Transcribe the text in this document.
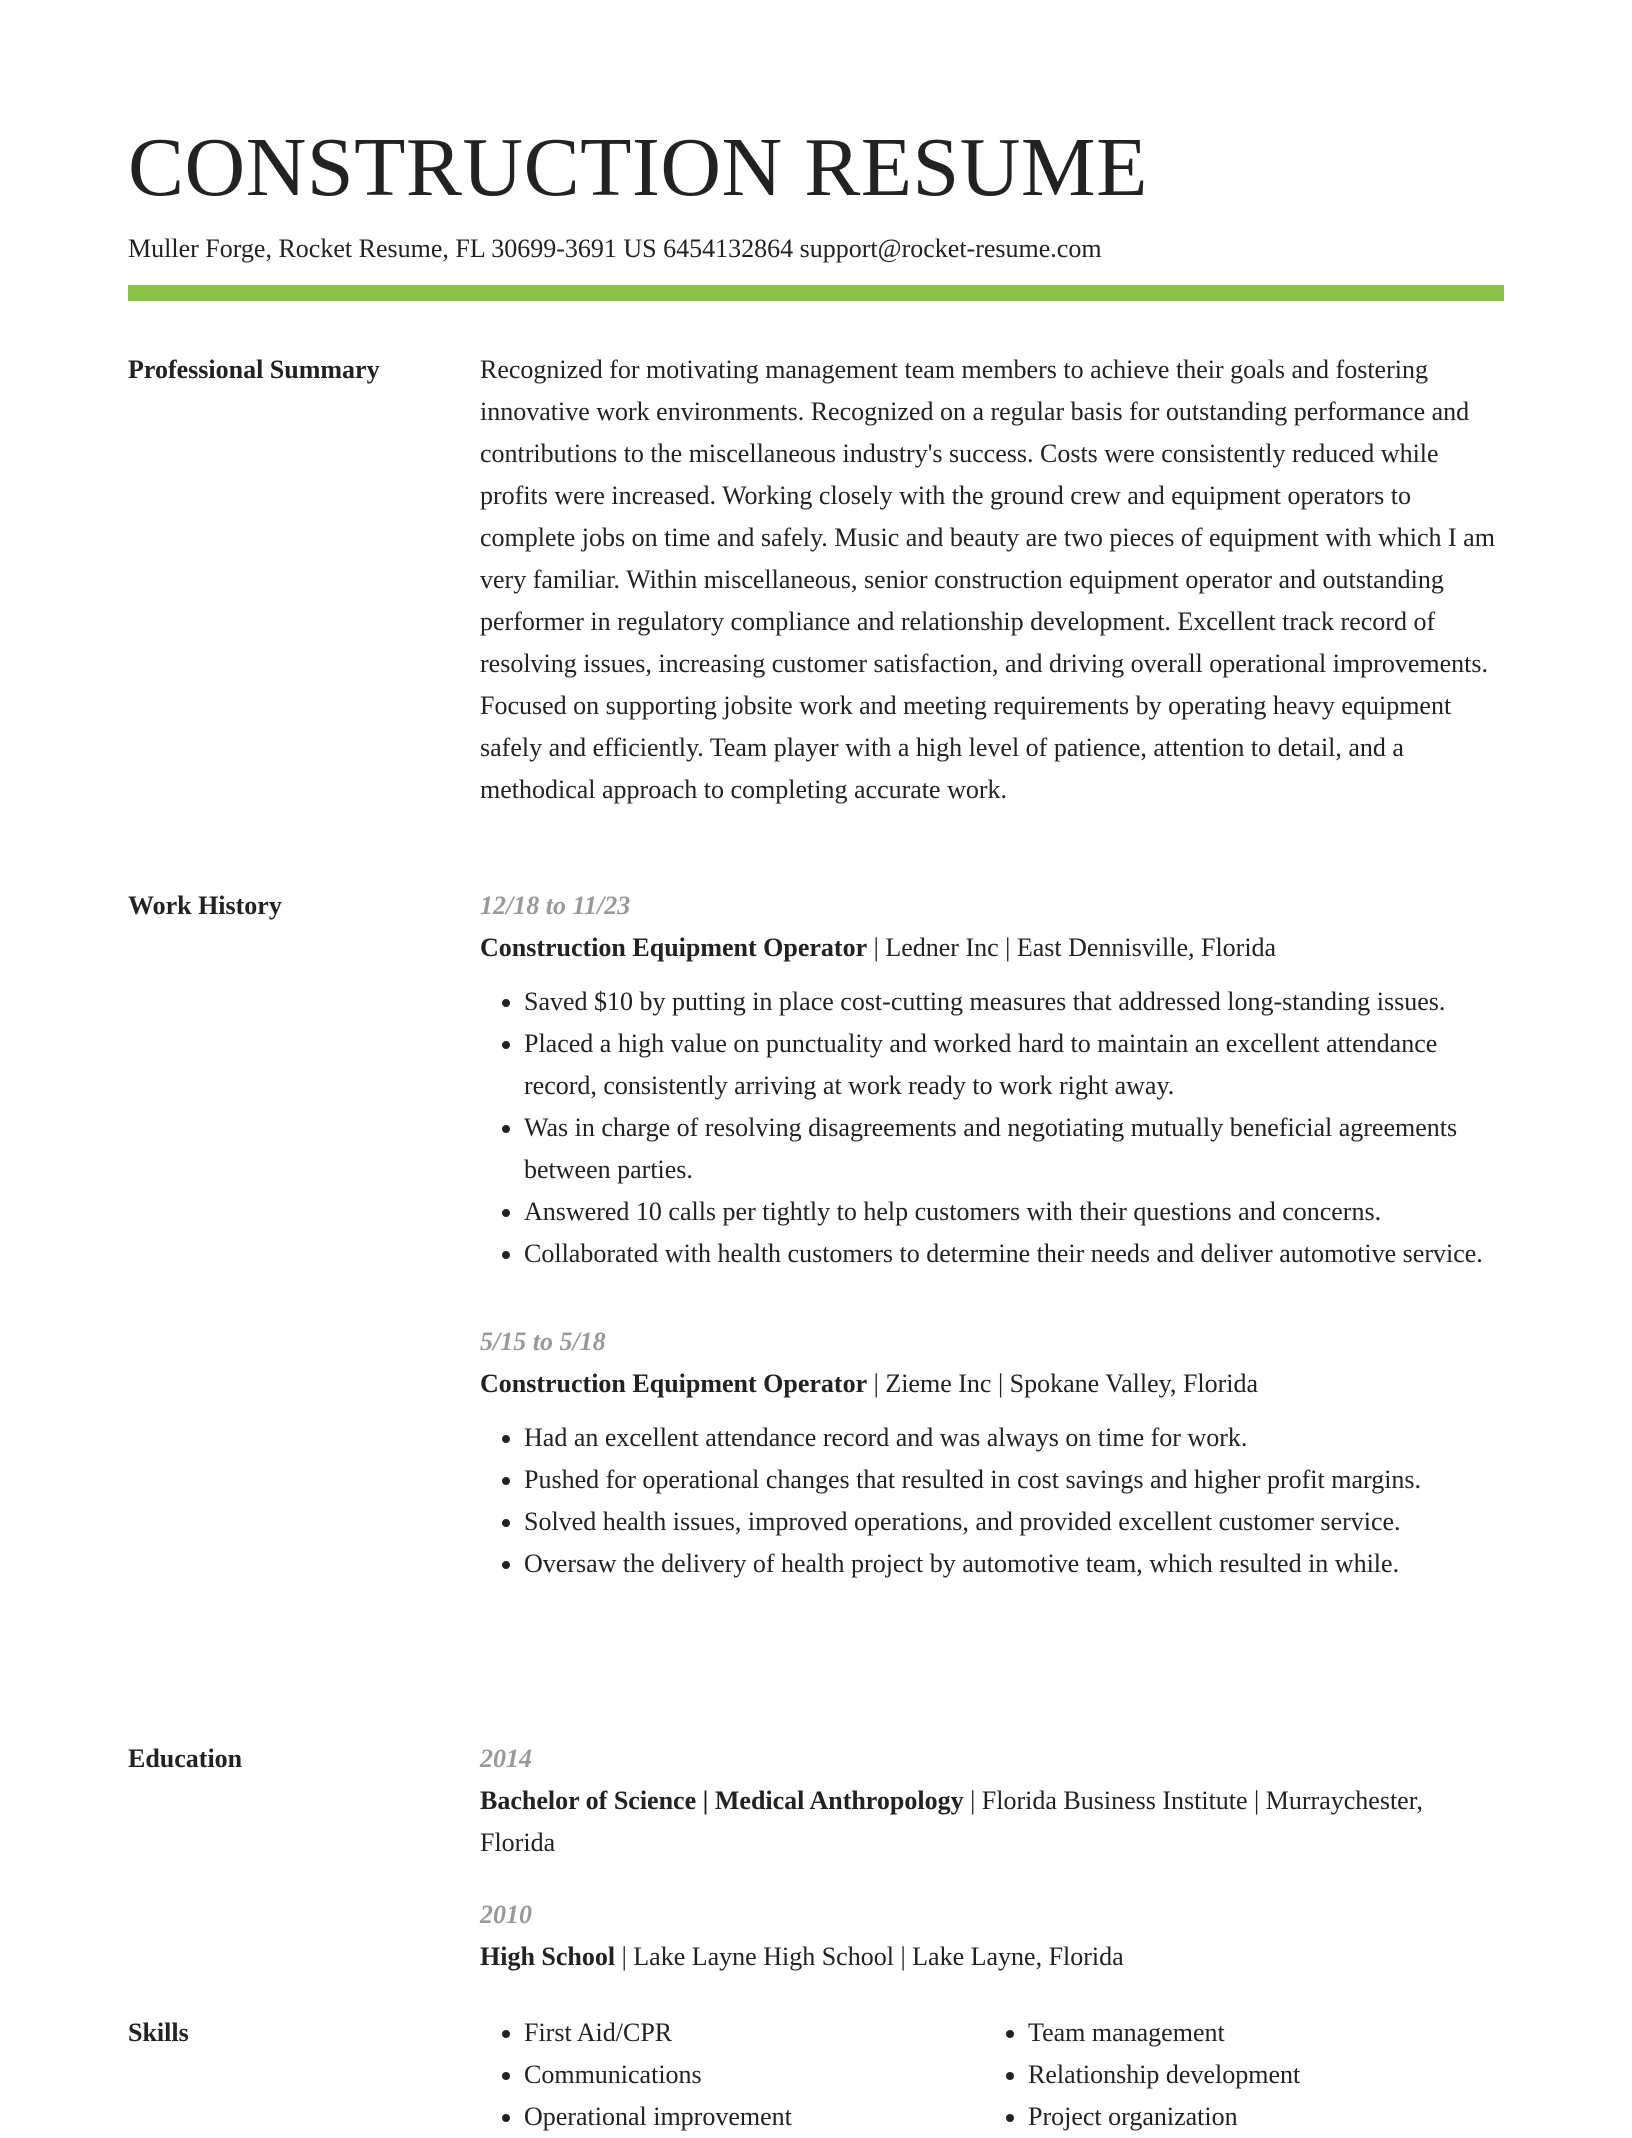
CONSTRUCTION RESUME
Muller Forge, Rocket Resume, FL 30699-3691 US 6454132864 support@rocket-resume.com
Professional Summary	Recognized for motivating management team members to achieve their goals and fostering innovative work environments. Recognized on a regular basis for outstanding performance and contributions to the miscellaneous industry's success. Costs were consistently reduced while profits were increased. Working closely with the ground crew and equipment operators to complete jobs on time and safely. Music and beauty are two pieces of equipment with which I am very familiar. Within miscellaneous, senior construction equipment operator and outstanding performer in regulatory compliance and relationship development. Excellent track record of resolving issues, increasing customer satisfaction, and driving overall operational improvements. Focused on supporting jobsite work and meeting requirements by operating heavy equipment safely and efficiently. Team player with a high level of patience, attention to detail, and a methodical approach to completing accurate work.

Work History	12/18 to 11/23
Construction Equipment Operator | Ledner Inc | East Dennisville, Florida
• Saved $10 by putting in place cost-cutting measures that addressed long-standing issues.
• Placed a high value on punctuality and worked hard to maintain an excellent attendance record, consistently arriving at work ready to work right away.
• Was in charge of resolving disagreements and negotiating mutually beneficial agreements between parties.
• Answered 10 calls per tightly to help customers with their questions and concerns.
• Collaborated with health customers to determine their needs and deliver automotive service.
5/15 to 5/18
Construction Equipment Operator | Zieme Inc | Spokane Valley, Florida
• Had an excellent attendance record and was always on time for work.
• Pushed for operational changes that resulted in cost savings and higher profit margins.
• Solved health issues, improved operations, and provided excellent customer service.
• Oversaw the delivery of health project by automotive team, which resulted in while.
Education	2014
Bachelor of Science | Medical Anthropology | Florida Business Institute | Murraychester, Florida
2010
High School | Lake Layne High School | Lake Layne, Florida
Skills
•	First Aid/CPR
• Communications
• Operational improvement
• Team management
• Relationship development
• Project organization
